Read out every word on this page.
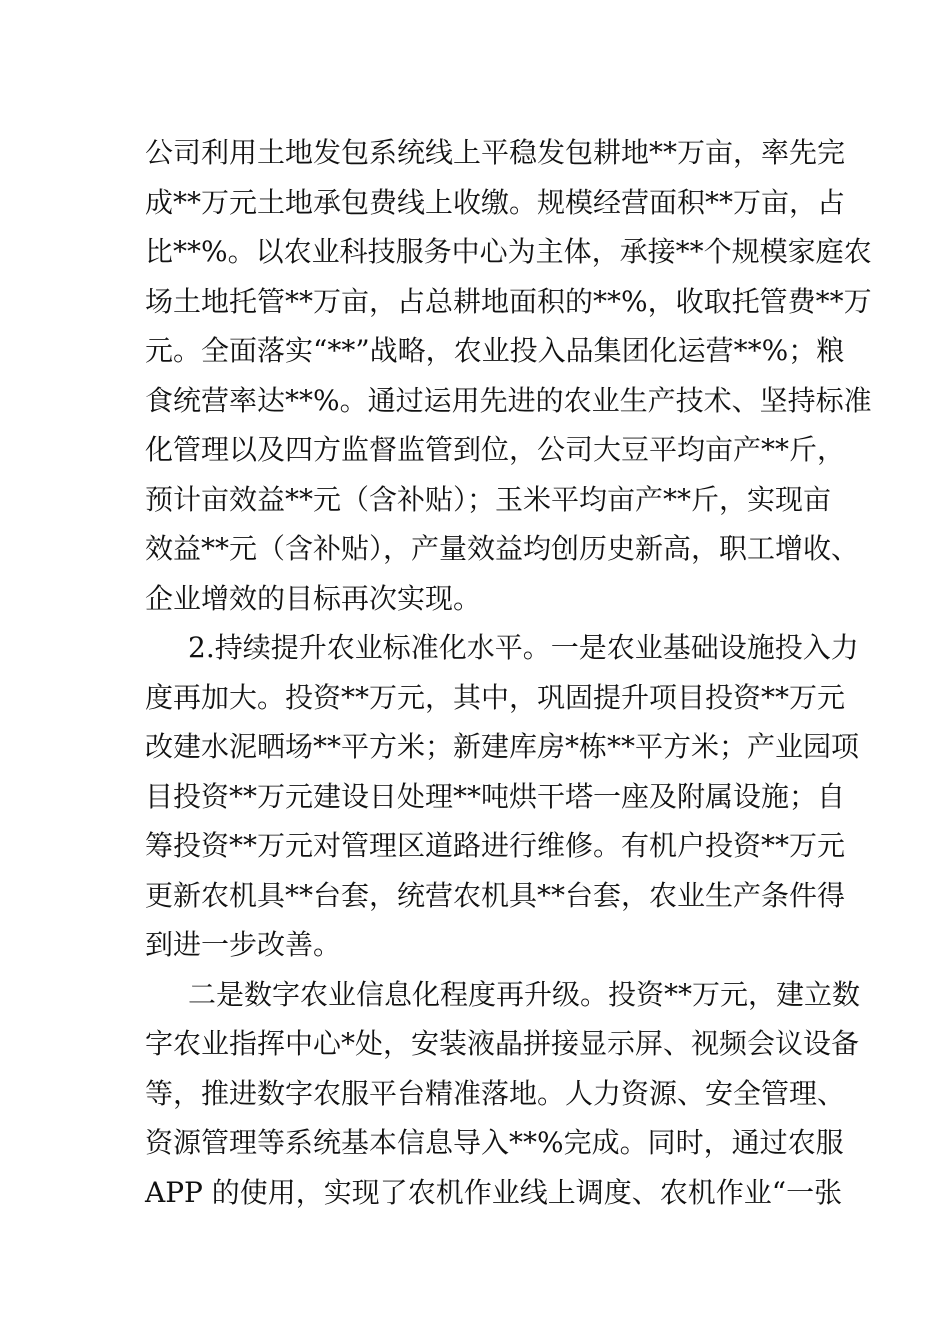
公司利用土地发包系统线上平稳发包耕地**万亩，率先完
成**万元土地承包费线上收缴。规模经营面积**万亩，占
比**%。以农业科技服务中心为主体，承接**个规模家庭农
场土地托管**万亩，占总耕地面积的**%，收取托管费**万
元。全面落实“**”战略，农业投入品集团化运营**%；粮
食统营率达**%。通过运用先进的农业生产技术、坚持标准
化管理以及四方监督监管到位，公司大豆平均亩产**斤，
预计亩效益**元（含补贴）；玉米平均亩产**斤，实现亩
效益**元（含补贴），产量效益均创历史新高，职工增收、
企业增效的目标再次实现。
2.持续提升农业标准化水平。一是农业基础设施投入力
度再加大。投资**万元，其中，巩固提升项目投资**万元
改建水泥晒场**平方米；新建库房*栋**平方米；产业园项
目投资**万元建设日处理**吨烘干塔一座及附属设施；自
筹投资**万元对管理区道路进行维修。有机户投资**万元
更新农机具**台套，统营农机具**台套，农业生产条件得
到进一步改善。
二是数字农业信息化程度再升级。投资**万元，建立数
字农业指挥中心*处，安装液晶拼接显示屏、视频会议设备
等，推进数字农服平台精准落地。人力资源、安全管理、
资源管理等系统基本信息导入**%完成。同时，通过农服
APP 的使用，实现了农机作业线上调度、农机作业“一张
